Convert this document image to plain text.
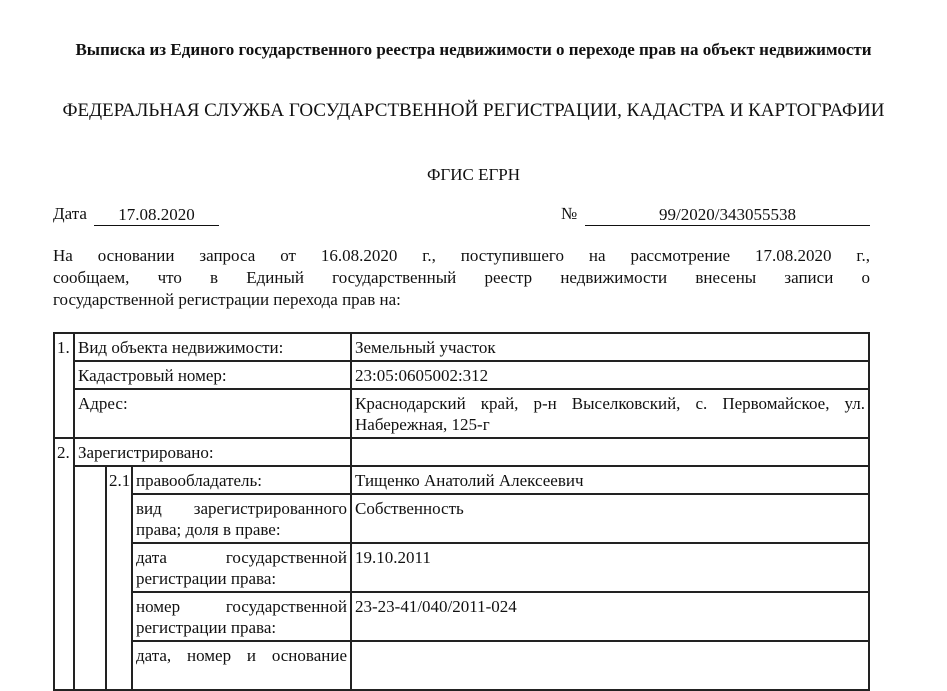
Выписка из Единого государственного реестра недвижимости о переходе прав на объект недвижимости
ФЕДЕРАЛЬНАЯ СЛУЖБА ГОСУДАРСТВЕННОЙ РЕГИСТРАЦИИ, КАДАСТРА И КАРТОГРАФИИ
ФГИС ЕГРН
Дата	17.08.2020	№	99/2020/343055538
На основании запроса от 16.08.2020 г., поступившего на рассмотрение 17.08.2020 г.,
сообщаем, что в Единый государственный реестр недвижимости внесены записи о
государственной регистрации перехода прав на:
1.	Вид объекта недвижимости:			Земельный участок
	Кадастровый номер:			23:05:0605002:312
	Адрес:			Краснодарский край, р-н Выселковский, с. Первомайское, ул. Набережная, 125-г
2.	Зарегистрировано:			
		2.1	правообладатель:	Тищенко Анатолий Алексеевич

			вид зарегистрированного
права; доля в праве:	Собственность

			дата государственной
регистрации права:	19.10.2011

			номер государственной
регистрации права:	23-23-41/040/2011-024

			дата, номер и основание	
